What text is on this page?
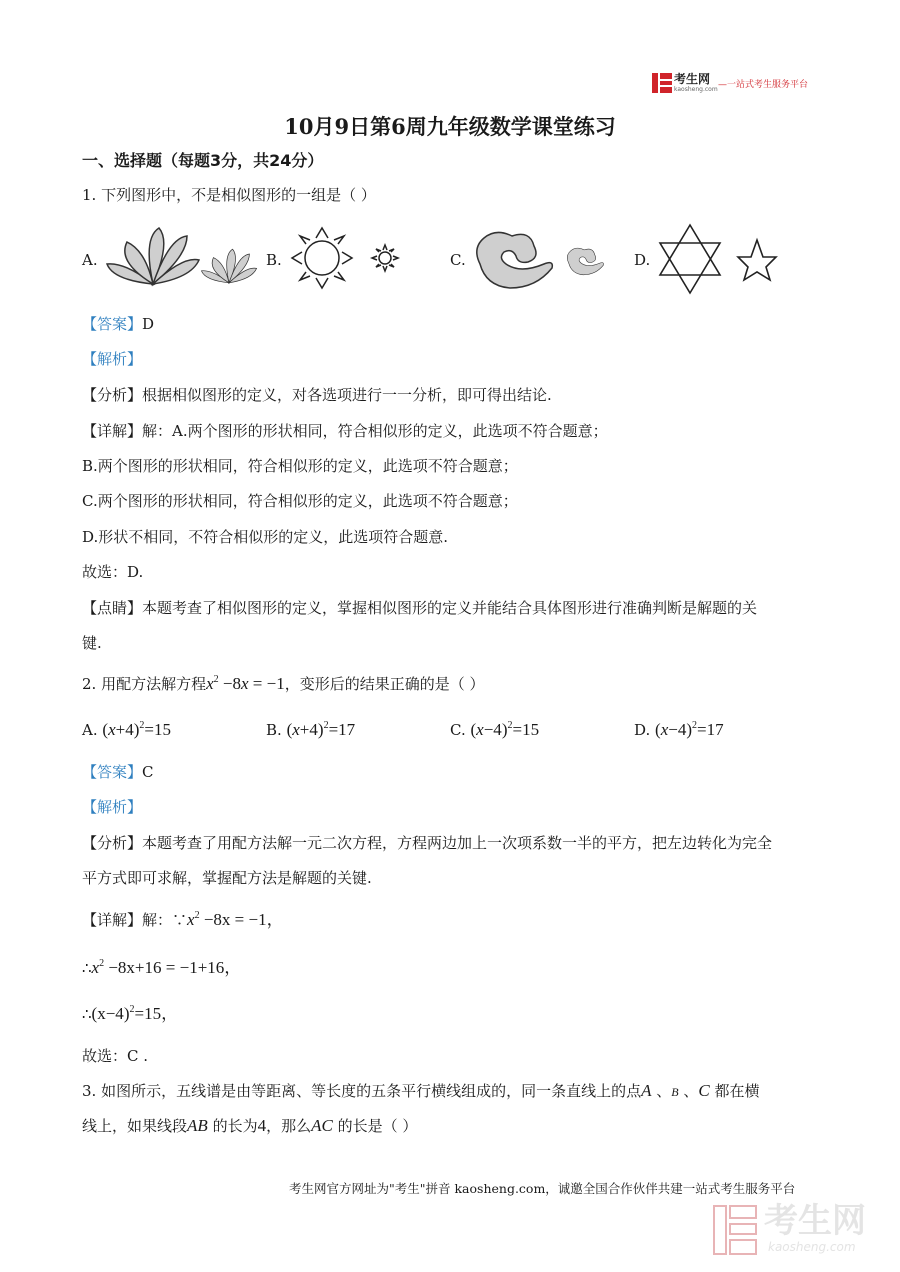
考生网
kaosheng.com —一站式考生服务平台
10月9日第6周九年级数学课堂练习
一、选择题（每题3分，共24分）
1. 下列图形中，不是相似图形的一组是（ ）
A.	B.	C.	D.
【答案】D
【解析】
【分析】根据相似图形的定义，对各选项进行一一分析，即可得出结论.
【详解】解：A.两个图形的形状相同，符合相似形的定义，此选项不符合题意；
B.两个图形的形状相同，符合相似形的定义，此选项不符合题意；
C.两个图形的形状相同，符合相似形的定义，此选项不符合题意；
D.形状不相同，不符合相似形的定义，此选项符合题意.
故选：D.
【点睛】本题考查了相似图形的定义，掌握相似图形的定义并能结合具体图形进行准确判断是解题的关
键.
2. 用配方法解方程$x^2 -8x = -1$，变形后的结果正确的是（ ）
A. $(x+4)^2=15$	B. $(x+4)^2=17$	C. $(x-4)^2=15$	D. $(x-4)^2=17$
【答案】C
【解析】
【分析】本题考查了用配方法解一元二次方程，方程两边加上一次项系数一半的平方，把左边转化为完全
平方式即可求解，掌握配方法是解题的关键.
【详解】解：$\because x^2 -8x = -1$，
$\therefore x^2 -8x+16 = -1+16$，
$\therefore(x-4)^2=15$，
故选：C .
3. 如图所示，五线谱是由等距离、等长度的五条平行横线组成的，同一条直线上的点A 、B 、C 都在横
线上，如果线段AB 的长为4，那么AC 的长是（ ）
考生网官方网址为"考生"拼音 kaosheng.com，诚邀全国合作伙伴共建一站式考生服务平台
考生网
kaosheng.com
